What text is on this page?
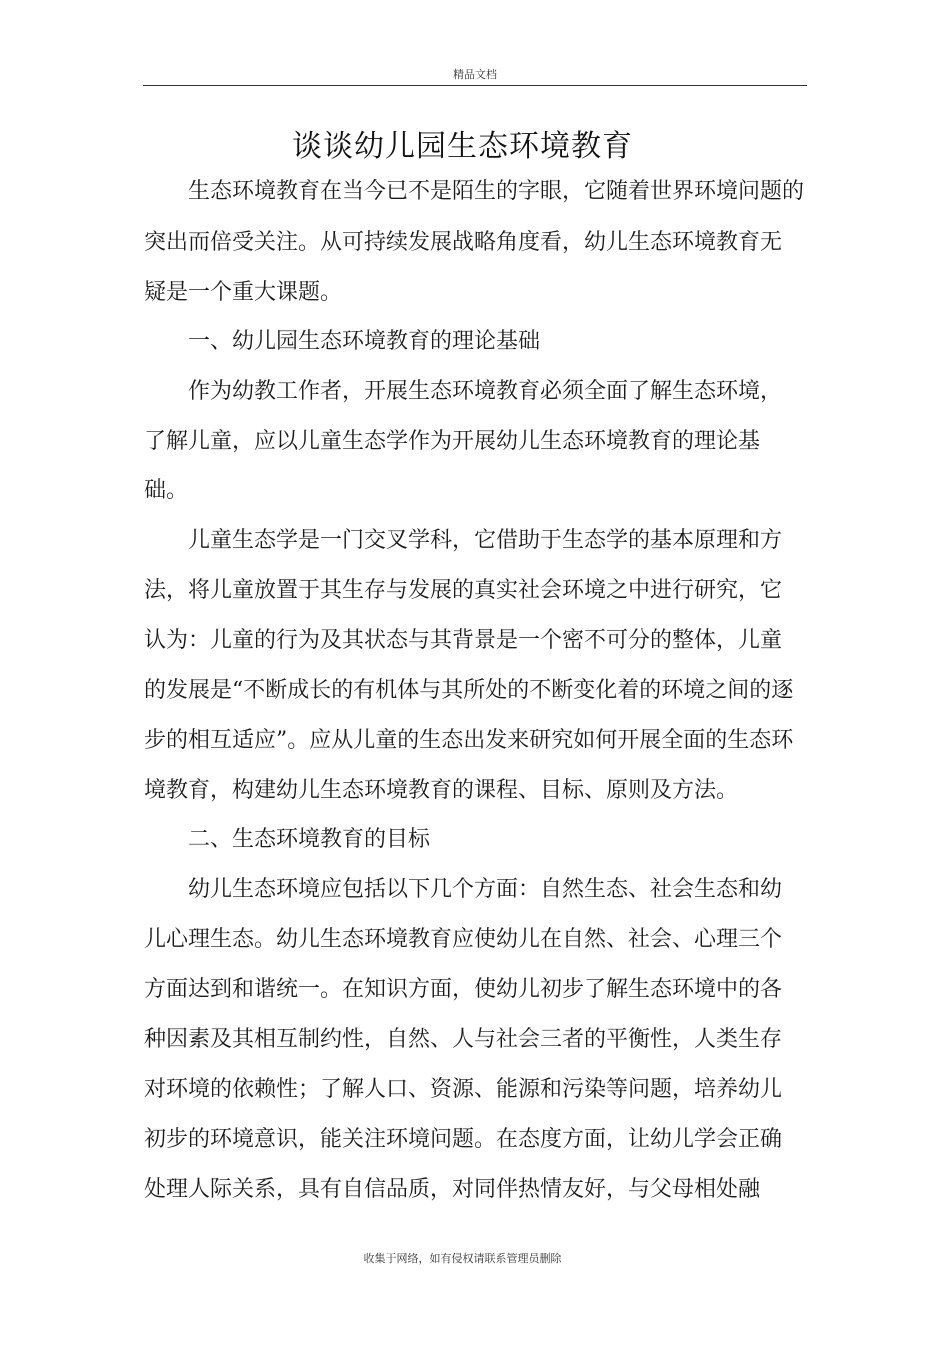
精品文档
谈谈幼儿园生态环境教育
生态环境教育在当今已不是陌生的字眼，它随着世界环境问题的
突出而倍受关注。从可持续发展战略角度看，幼儿生态环境教育无
疑是一个重大课题。
一、幼儿园生态环境教育的理论基础
作为幼教工作者，开展生态环境教育必须全面了解生态环境，
了解儿童，应以儿童生态学作为开展幼儿生态环境教育的理论基
础。
儿童生态学是一门交叉学科，它借助于生态学的基本原理和方
法，将儿童放置于其生存与发展的真实社会环境之中进行研究，它
认为：儿童的行为及其状态与其背景是一个密不可分的整体，儿童
的发展是“不断成长的有机体与其所处的不断变化着的环境之间的逐
步的相互适应”。应从儿童的生态出发来研究如何开展全面的生态环
境教育，构建幼儿生态环境教育的课程、目标、原则及方法。
二、生态环境教育的目标
幼儿生态环境应包括以下几个方面：自然生态、社会生态和幼
儿心理生态。幼儿生态环境教育应使幼儿在自然、社会、心理三个
方面达到和谐统一。在知识方面，使幼儿初步了解生态环境中的各
种因素及其相互制约性，自然、人与社会三者的平衡性，人类生存
对环境的依赖性；了解人口、资源、能源和污染等问题，培养幼儿
初步的环境意识，能关注环境问题。在态度方面，让幼儿学会正确
处理人际关系，具有自信品质，对同伴热情友好，与父母相处融
收集于网络，如有侵权请联系管理员删除
